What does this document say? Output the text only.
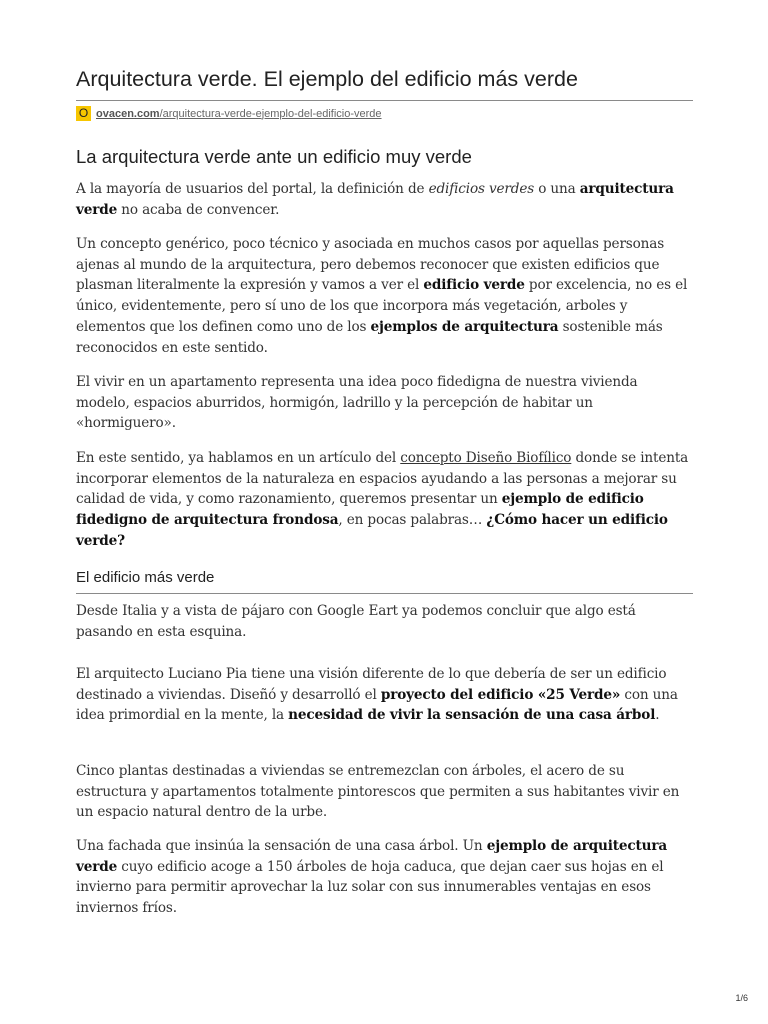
Arquitectura verde. El ejemplo del edificio más verde
O ovacen.com /arquitectura-verde-ejemplo-del-edificio-verde
La arquitectura verde ante un edificio muy verde

A la mayoría de usuarios del portal, la definición de edificios verdes o una arquitectura verde no acaba de convencer.

Un concepto genérico, poco técnico y asociada en muchos casos por aquellas personas ajenas al mundo de la arquitectura, pero debemos reconocer que existen edificios que plasman literalmente la expresión y vamos a ver el edificio verde por excelencia, no es el único, evidentemente, pero sí uno de los que incorpora más vegetación, arboles y elementos que los definen como uno de los ejemplos de arquitectura sostenible más reconocidos en este sentido.

El vivir en un apartamento representa una idea poco fidedigna de nuestra vivienda modelo, espacios aburridos, hormigón, ladrillo y la percepción de habitar un «hormiguero».

En este sentido, ya hablamos en un artículo del concepto Diseño Biofílico donde se intenta incorporar elementos de la naturaleza en espacios ayudando a las personas a mejorar su calidad de vida, y como razonamiento, queremos presentar un ejemplo de edificio fidedigno de arquitectura frondosa, en pocas palabras… ¿Cómo hacer un edificio verde?

El edificio más verde

Desde Italia y a vista de pájaro con Google Eart ya podemos concluir que algo está pasando en esta esquina.

El arquitecto Luciano Pia tiene una visión diferente de lo que debería de ser un edificio destinado a viviendas. Diseñó y desarrolló el proyecto del edificio «25 Verde» con una idea primordial en la mente, la necesidad de vivir la sensación de una casa árbol.

Cinco plantas destinadas a viviendas se entremezclan con árboles, el acero de su estructura y apartamentos totalmente pintorescos que permiten a sus habitantes vivir en un espacio natural dentro de la urbe.

Una fachada que insinúa la sensación de una casa árbol. Un ejemplo de arquitectura verde cuyo edificio acoge a 150 árboles de hoja caduca, que dejan caer sus hojas en el invierno para permitir aprovechar la luz solar con sus innumerables ventajas en esos inviernos fríos.

1/6
